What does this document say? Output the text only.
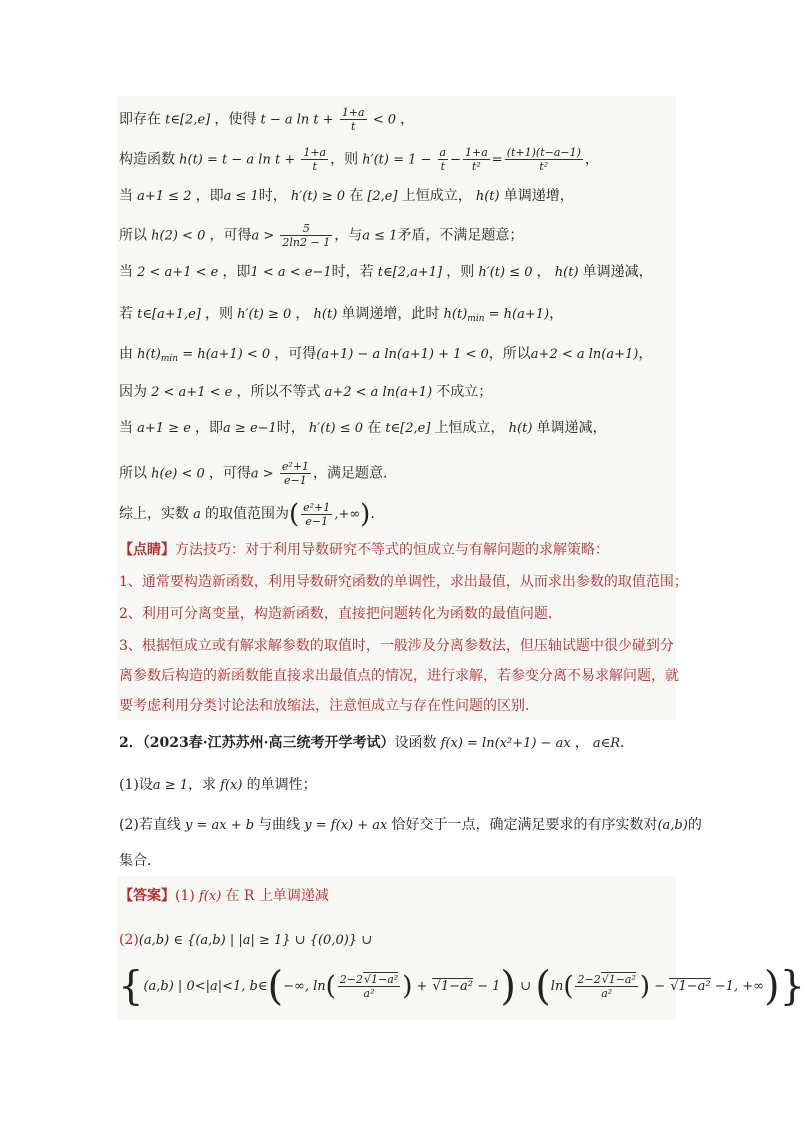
即存在 t∈[2,e] ，使得 t − a $\ln t + \frac{1+a}{t} < 0$ ，
构造函数 h(t) = t − a $\ln t + \frac{1+a}{t}$ ，则 $h'(t) = 1 - \frac{a}{t} - \frac{1+a}{\text{t²}} = \frac{(t+1)(t-a-1)}{\text{t²}}$ ，
当 a+1 ≤ 2 ，即a ≤ 1时， h′(t) ≥ 0 在 [2,e] 上恒成立， h(t) 单调递增，
所以 h(2) < 0 ，可得$a > \frac{5}{2\ln 2 - 1}$ ，与a ≤ 1矛盾，不满足题意；
当 2 < a+1 < e ，即1 < a < e−1时，若 t∈[2,a+1] ，则 h′(t) ≤ 0 ， h(t) 单调递减，
若 t∈[a+1,e] ，则 h′(t) ≥ 0 ， h(t) 单调递增，此时 $h(t)_{min} = h(a+1)$，
由 $h(t)_{min} = h(a+1) < 0$ ，可得(a+1) − a ln(a+1) + 1 < 0，所以a+2 < a ln(a+1)，
因为 2 < a+1 < e ，所以不等式 a+2 < a ln(a+1) 不成立；
当 a+1 ≥ e ，即a ≥ e−1时， h′(t) ≤ 0 在 t∈[2,e] 上恒成立， h(t) 单调递减，
所以 h(e) < 0 ，可得$a > \frac{\text{e²+1}}{e-1}$ ，满足题意.
综上，实数 a 的取值范围为( $\frac{\text{e²+1}}{e-1}$ ,+∞).
【点睛】方法技巧：对于利用导数研究不等式的恒成立与有解问题的求解策略：
1、通常要构造新函数，利用导数研究函数的单调性，求出最值，从而求出参数的取值范围；
2、利用可分离变量，构造新函数，直接把问题转化为函数的最值问题．
3、根据恒成立或有解求解参数的取值时，一般涉及分离参数法，但压轴试题中很少碰到分
离参数后构造的新函数能直接求出最值点的情况，进行求解，若参变分离不易求解问题，就
要考虑利用分类讨论法和放缩法，注意恒成立与存在性问题的区别．
2．（2023春·江苏苏州·高三统考开学考试）设函数 f(x) = ln(x²+1) − ax ， a∈R．
(1)设a ≥ 1，求 f(x) 的单调性；
(2)若直线 y = ax + b 与曲线 y = f(x) + ax 恰好交于一点，确定满足要求的有序实数对(a,b)的
集合．
【答案】(1) f(x) 在 R 上单调递减
(2)(a,b) ∈ {(a,b) | |a| ≥ 1} ∪ {(0,0)} ∪
{(a,b) | 0<|a|<1, b∈(−∞, $\ln( \frac{\text{2−2√1−a²}}{\text{a²}}$ ) + √1−a² − 1) ∪ ($\ln( \frac{\text{2−2√1−a²}}{\text{a²}}$ ) − √1−a² −1, +∞)}
